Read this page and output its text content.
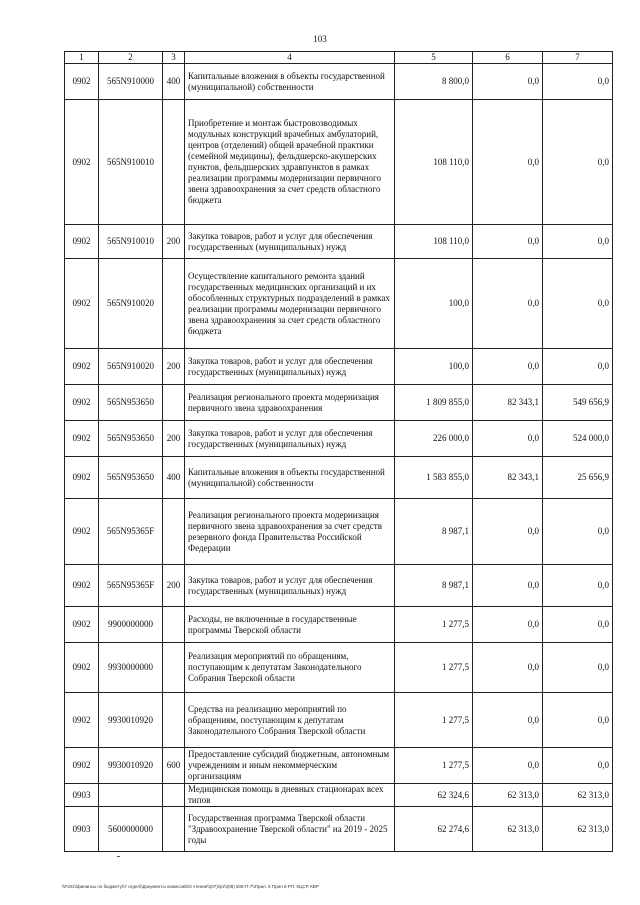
103
1	2	3	4	5	6	7
0902	565N910000	400	Капитальные вложения в объекты государственной (муниципальной) собственности	8 800,0	0,0	0,0
0902	565N910010		Приобретение и монтаж быстровозводимых модульных конструкций врачебных амбулаторий, центров (отделений) общей врачебной практики (семейной медицины), фельдшерско-акушерских пунктов, фельдшерских здравпунктов в рамках реализации программы модернизации первичного звена здравоохранения за счет средств областного бюджета	108 110,0	0,0	0,0
0902	565N910010	200	Закупка товаров, работ и услуг для обеспечения государственных (муниципальных) нужд	108 110,0	0,0	0,0
0902	565N910020		Осуществление капитального ремонта зданий государственных медицинских организаций и их обособленных структурных подразделений в рамках реализации программы модернизации первичного звена здравоохранения за счет средств областного бюджета	100,0	0,0	0,0
0902	565N910020	200	Закупка товаров, работ и услуг для обеспечения государственных (муниципальных) нужд	100,0	0,0	0,0
0902	565N953650		Реализация регионального проекта модернизация первичного звена здравоохранения	1 809 855,0	82 343,1	549 656,9
0902	565N953650	200	Закупка товаров, работ и услуг для обеспечения государственных (муниципальных) нужд	226 000,0	0,0	524 000,0
0902	565N953650	400	Капитальные вложения в объекты государственной (муниципальной) собственности	1 583 855,0	82 343,1	25 656,9
0902	565N95365F		Реализация регионального проекта модернизация первичного звена здравоохранения за счет средств резервного фонда Правительства Российской Федерации	8 987,1	0,0	0,0
0902	565N95365F	200	Закупка товаров, работ и услуг для обеспечения государственных (муниципальных) нужд	8 987,1	0,0	0,0
0902	9900000000		Расходы, не включенные в государственные программы Тверской области	1 277,5	0,0	0,0
0902	9930000000		Реализация мероприятий по обращениям, поступающим к депутатам Законодательного Собрания Тверской области	1 277,5	0,0	0,0
0902	9930010920		Средства на реализацию мероприятий по обращениям, поступающим к депутатам Законодательного Собрания Тверской области	1 277,5	0,0	0,0
0902	9930010920	600	Предоставление субсидий бюджетным, автономным учреждениям и иным некоммерческим организациям	1 277,5	0,0	0,0
0903			Медицинская помощь в дневных стационарах всех типов	62 324,6	62 313,0	62 313,0
0903	5600000000		Государственная программа Тверской области "Здравоохранение Тверской области" на 2019 - 2025 годы	62 274,6	62 313,0	62 313,0
\\Fs01\\финансы по бюджету\\7 отдел\\Документы комиссий\\3 чтение\\(07)\\pr\\(08) 506-П-7\\Прил. 5 Прил 8 РП, КЦСР, КВР
